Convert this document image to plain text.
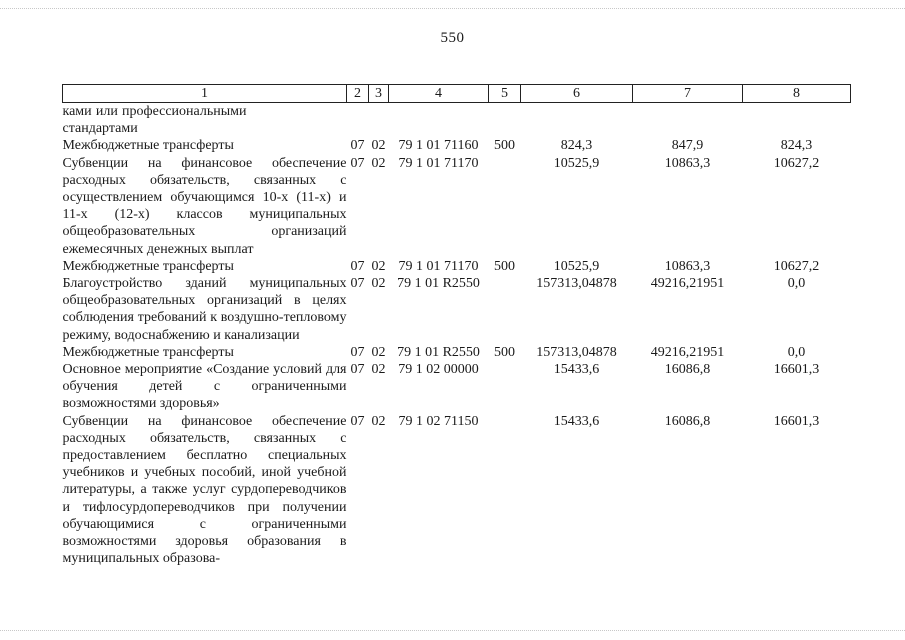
550
1	2	3	4	5	6	7	8
ками или профессиональными стандартами							
Межбюджетные трансферты	07	02	79 1 01 71160	500	824,3	847,9	824,3
Субвенции на финансовое обеспечение расходных обязательств, связанных с осуществлением обучающимся 10-х (11-х) и 11-х (12-х) классов муниципальных общеобразовательных организаций ежемесячных денежных выплат	07	02	79 1 01 71170		10525,9	10863,3	10627,2
Межбюджетные трансферты	07	02	79 1 01 71170	500	10525,9	10863,3	10627,2
Благоустройство зданий муниципальных общеобразовательных организаций в целях соблюдения требований к воздушно-тепловому режиму, водоснабжению и канализации	07	02	79 1 01 R2550		157313,04878	49216,21951	0,0
Межбюджетные трансферты	07	02	79 1 01 R2550	500	157313,04878	49216,21951	0,0
Основное мероприятие «Создание условий для обучения детей с ограниченными возможностями здоровья»	07	02	79 1 02 00000		15433,6	16086,8	16601,3
Субвенции на финансовое обеспечение расходных обязательств, связанных с предоставлением бесплатно специальных учебников и учебных пособий, иной учебной литературы, а также услуг сурдопереводчиков и тифлосурдопереводчиков при получении обучающимися с ограниченными возможностями здоровья образования в муниципальных образова-	07	02	79 1 02 71150		15433,6	16086,8	16601,3
